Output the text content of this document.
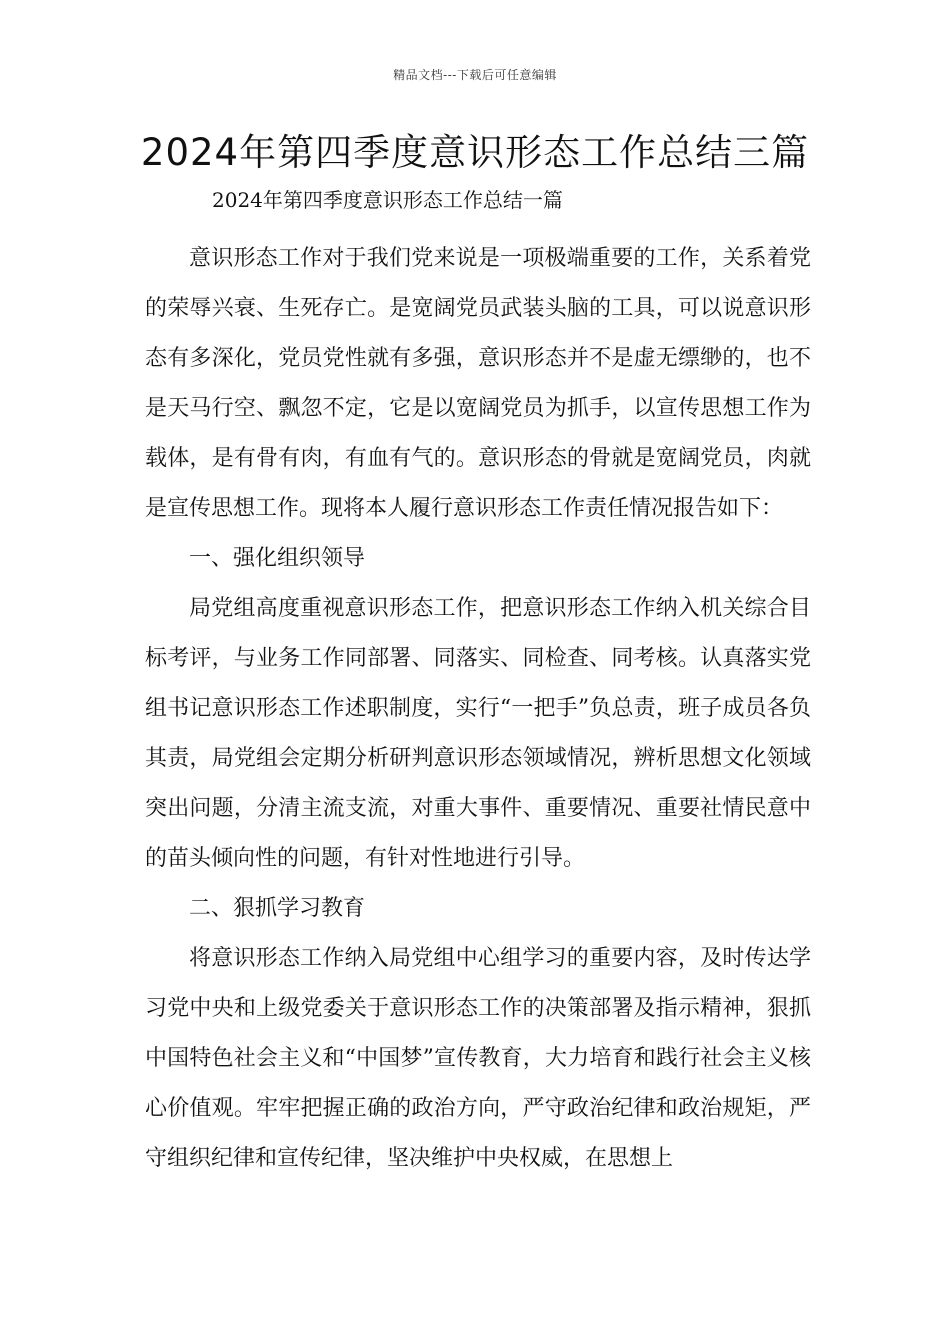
精品文档---下载后可任意编辑
2024年第四季度意识形态工作总结三篇

2024年第四季度意识形态工作总结一篇

意识形态工作对于我们党来说是一项极端重要的工作，关系着党的荣辱兴衰、生死存亡。是宽阔党员武装头脑的工具，可以说意识形态有多深化，党员党性就有多强，意识形态并不是虚无缥缈的，也不是天马行空、飘忽不定，它是以宽阔党员为抓手，以宣传思想工作为载体，是有骨有肉，有血有气的。意识形态的骨就是宽阔党员，肉就是宣传思想工作。现将本人履行意识形态工作责任情况报告如下：

一、强化组织领导

局党组高度重视意识形态工作，把意识形态工作纳入机关综合目标考评，与业务工作同部署、同落实、同检查、同考核。认真落实党组书记意识形态工作述职制度，实行“一把手”负总责，班子成员各负其责，局党组会定期分析研判意识形态领域情况，辨析思想文化领域突出问题，分清主流支流，对重大事件、重要情况、重要社情民意中的苗头倾向性的问题，有针对性地进行引导。

二、狠抓学习教育

将意识形态工作纳入局党组中心组学习的重要内容，及时传达学习党中央和上级党委关于意识形态工作的决策部署及指示精神，狠抓中国特色社会主义和“中国梦”宣传教育，大力培育和践行社会主义核心价值观。牢牢把握正确的政治方向，严守政治纪律和政治规矩，严守组织纪律和宣传纪律，坚决维护中央权威，在思想上
